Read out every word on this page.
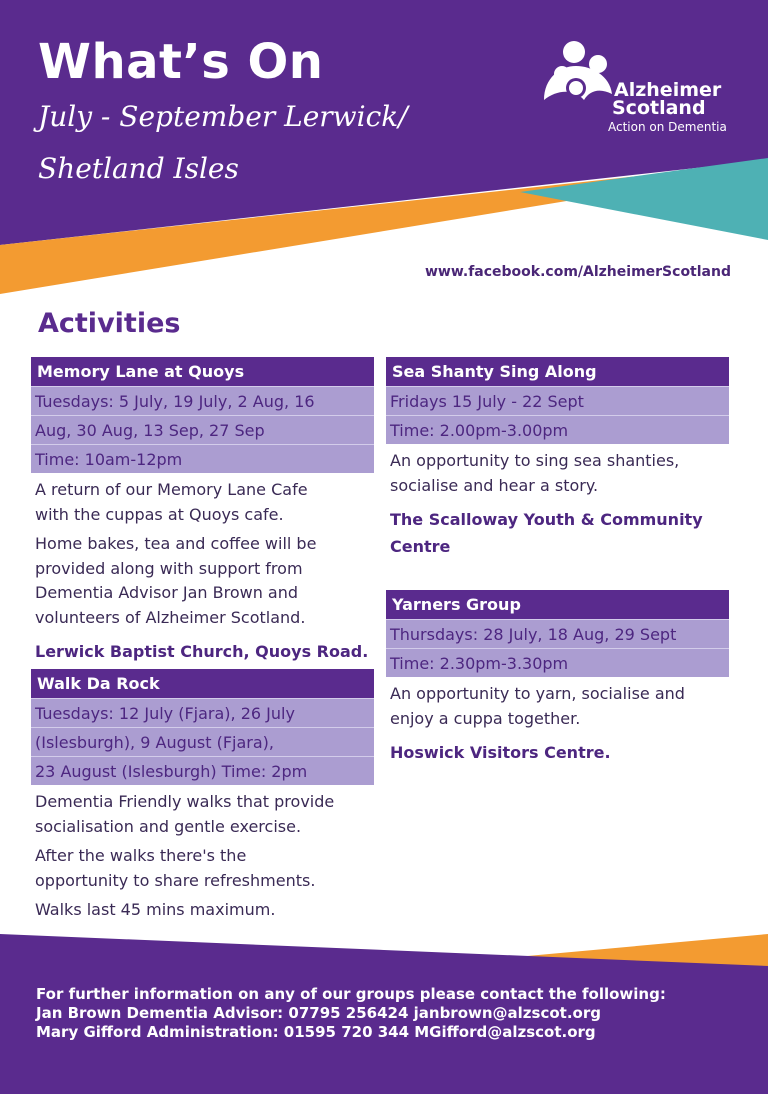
What’s On
July - September Lerwick/
Shetland Isles
Alzheimer
Scotland
Action on Dementia
www.facebook.com/AlzheimerScotland
Activities
Memory Lane at Quoys
Tuesdays: 5 July, 19 July, 2 Aug, 16
Aug, 30 Aug, 13 Sep, 27 Sep
Time: 10am-12pm
A return of our Memory Lane Cafe
with the cuppas at Quoys cafe.
Home bakes, tea and coffee will be
provided along with support from
Dementia Advisor Jan Brown and
volunteers of Alzheimer Scotland.
Lerwick Baptist Church, Quoys Road.
Walk Da Rock
Tuesdays: 12 July (Fjara), 26 July
(Islesburgh), 9 August (Fjara),
23 August (Islesburgh) Time: 2pm
Dementia Friendly walks that provide
socialisation and gentle exercise.
After the walks there's the
opportunity to share refreshments.
Walks last 45 mins maximum.
Sea Shanty Sing Along
Fridays 15 July - 22 Sept
Time: 2.00pm-3.00pm
An opportunity to sing sea shanties,
socialise and hear a story.
The Scalloway Youth & Community
Centre
Yarners Group
Thursdays: 28 July, 18 Aug, 29 Sept
Time: 2.30pm-3.30pm
An opportunity to yarn, socialise and
enjoy a cuppa together.
Hoswick Visitors Centre.
For further information on any of our groups please contact the following:
Jan Brown Dementia Advisor: 07795 256424 janbrown@alzscot.org
Mary Gifford Administration: 01595 720 344 MGifford@alzscot.org
